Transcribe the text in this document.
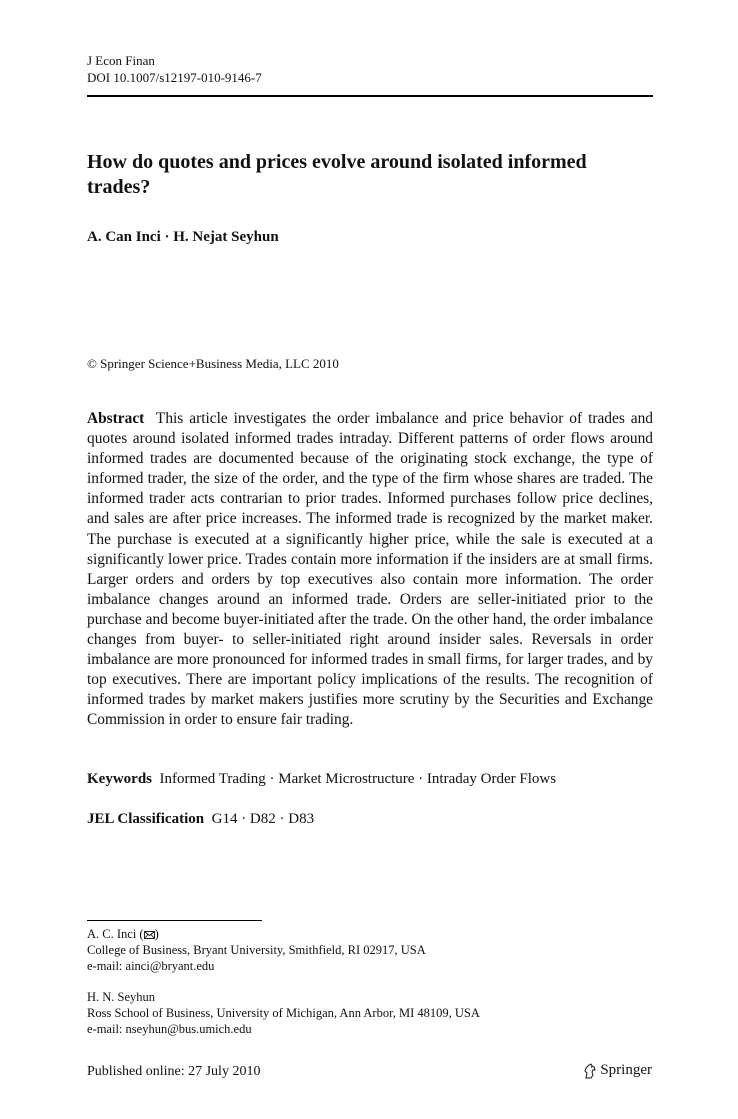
J Econ Finan
DOI 10.1007/s12197-010-9146-7
How do quotes and prices evolve around isolated informed trades?
A. Can Inci · H. Nejat Seyhun
© Springer Science+Business Media, LLC 2010
Abstract This article investigates the order imbalance and price behavior of trades and quotes around isolated informed trades intraday. Different patterns of order flows around informed trades are documented because of the originating stock exchange, the type of informed trader, the size of the order, and the type of the firm whose shares are traded. The informed trader acts contrarian to prior trades. Informed purchases follow price declines, and sales are after price increases. The informed trade is recognized by the market maker. The purchase is executed at a significantly higher price, while the sale is executed at a significantly lower price. Trades contain more information if the insiders are at small firms. Larger orders and orders by top executives also contain more information. The order imbalance changes around an informed trade. Orders are seller-initiated prior to the purchase and become buyer-initiated after the trade. On the other hand, the order imbalance changes from buyer- to seller-initiated right around insider sales. Reversals in order imbalance are more pronounced for informed trades in small firms, for larger trades, and by top executives. There are important policy implications of the results. The recognition of informed trades by market makers justifies more scrutiny by the Securities and Exchange Commission in order to ensure fair trading.
Keywords Informed Trading · Market Microstructure · Intraday Order Flows
JEL Classification G14 · D82 · D83
A. C. Inci ( )
College of Business, Bryant University, Smithfield, RI 02917, USA
e-mail: ainci@bryant.edu
H. N. Seyhun
Ross School of Business, University of Michigan, Ann Arbor, MI 48109, USA
e-mail: nseyhun@bus.umich.edu
Published online: 27 July 2010	Springer
